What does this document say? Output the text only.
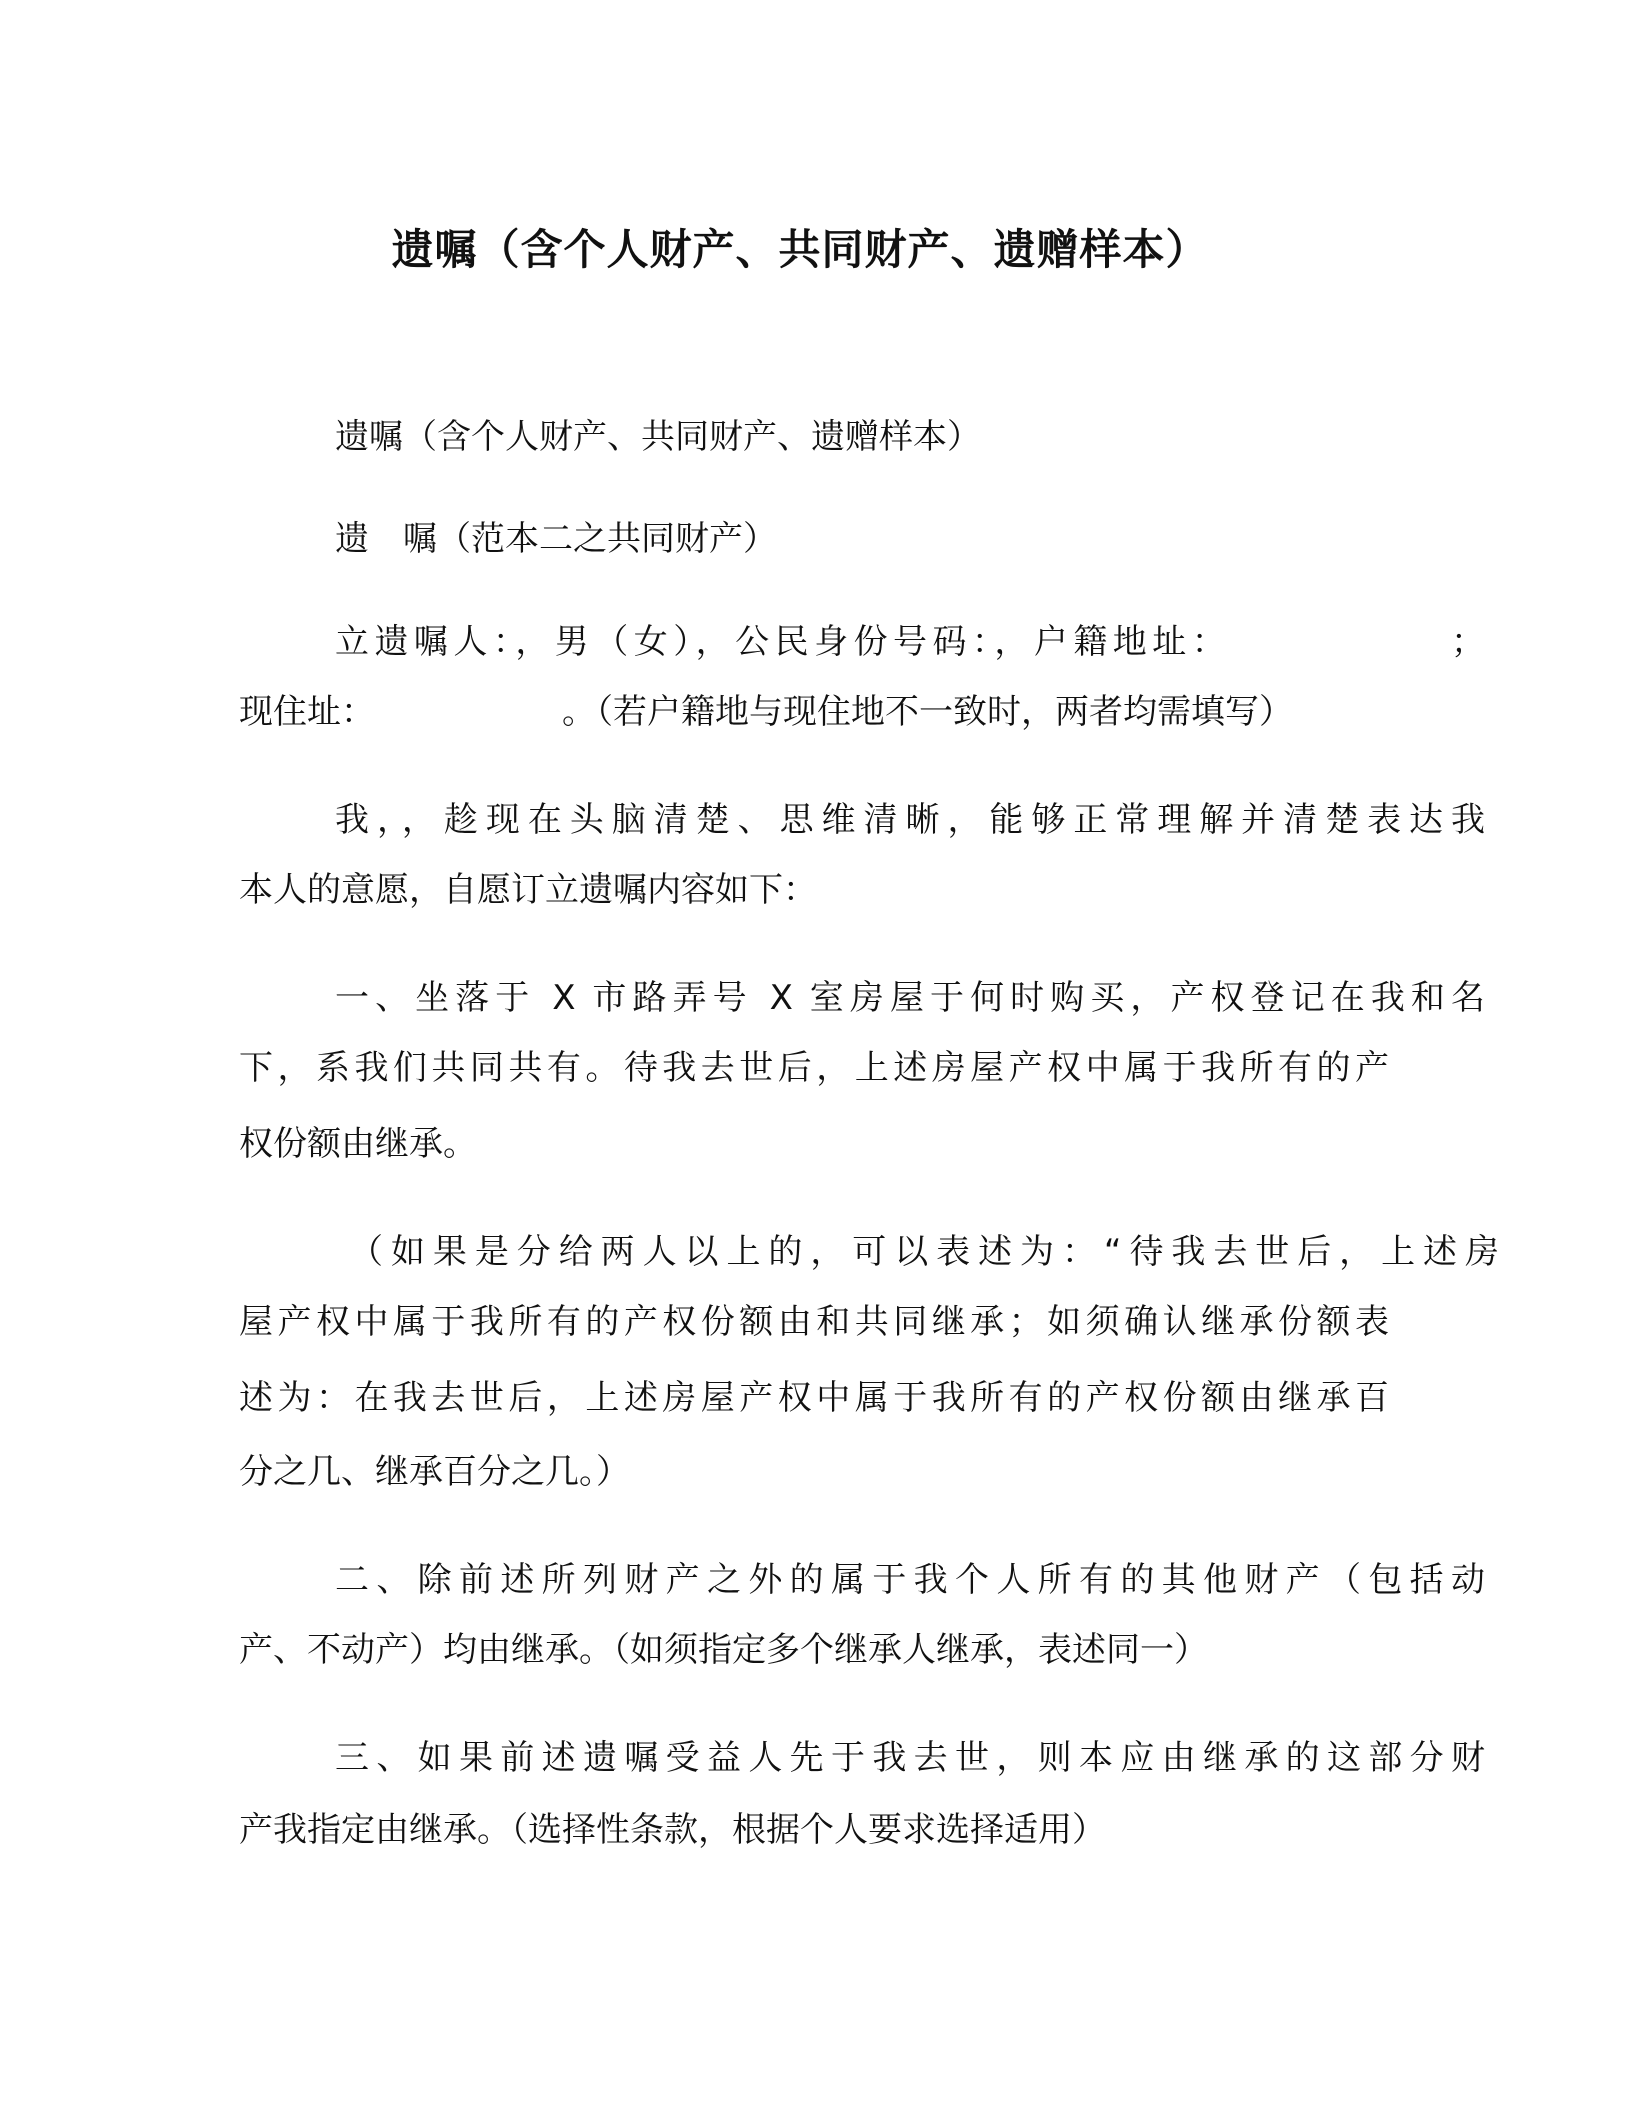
遗嘱（含个人财产、共同财产、遗赠样本）
遗嘱（含个人财产、共同财产、遗赠样本）
遗　嘱（范本二之共同财产）
立遗嘱人：，男（女），公民身份号码：，户籍地址：　　　　　　；
现住址：　　　　　　。（若户籍地与现住地不一致时，两者均需填写）
我，，趁现在头脑清楚、思维清晰，能够正常理解并清楚表达我
本人的意愿，自愿订立遗嘱内容如下：
一、坐落于 X 市路弄号 X 室房屋于何时购买，产权登记在我和名
下，系我们共同共有。待我去世后，上述房屋产权中属于我所有的产
权份额由继承。
（如果是分给两人以上的，可以表述为：“待我去世后，上述房
屋产权中属于我所有的产权份额由和共同继承；如须确认继承份额表
述为：在我去世后，上述房屋产权中属于我所有的产权份额由继承百
分之几、继承百分之几。）
二、除前述所列财产之外的属于我个人所有的其他财产（包括动
产、不动产）均由继承。（如须指定多个继承人继承，表述同一）
三、如果前述遗嘱受益人先于我去世，则本应由继承的这部分财
产我指定由继承。（选择性条款，根据个人要求选择适用）
